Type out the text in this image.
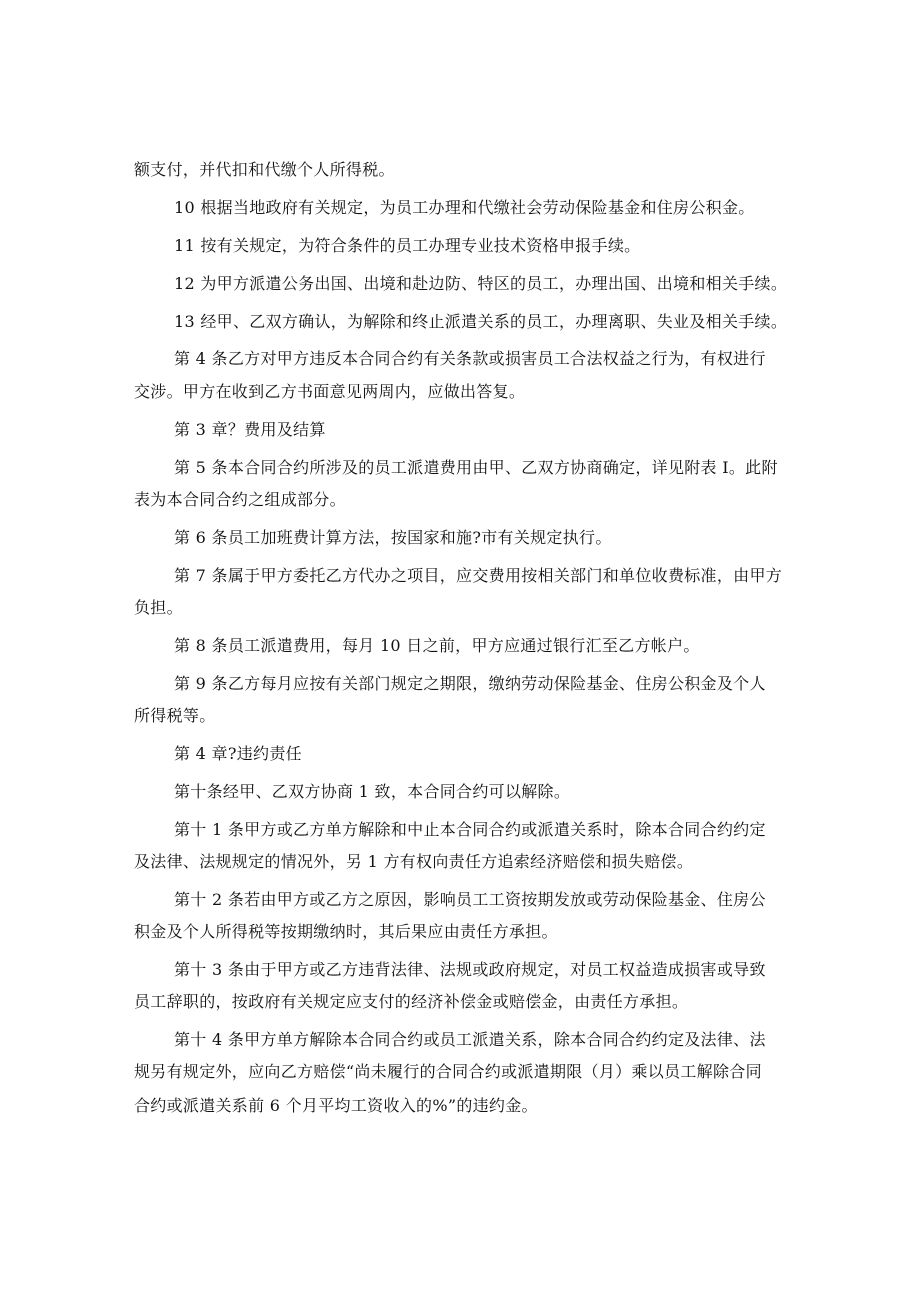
额支付，并代扣和代缴个人所得税。
10 根据当地政府有关规定，为员工办理和代缴社会劳动保险基金和住房公积金。
11 按有关规定，为符合条件的员工办理专业技术资格申报手续。
12 为甲方派遣公务出国、出境和赴边防、特区的员工，办理出国、出境和相关手续。
13 经甲、乙双方确认，为解除和终止派遣关系的员工，办理离职、失业及相关手续。
第 4 条乙方对甲方违反本合同合约有关条款或损害员工合法权益之行为，有权进行
交涉。甲方在收到乙方书面意见两周内，应做出答复。
第 3 章？费用及结算
第 5 条本合同合约所涉及的员工派遣费用由甲、乙双方协商确定，详见附表 I。此附
表为本合同合约之组成部分。
第 6 条员工加班费计算方法，按国家和施?市有关规定执行。
第 7 条属于甲方委托乙方代办之项目，应交费用按相关部门和单位收费标准，由甲方
负担。
第 8 条员工派遣费用，每月 10 日之前，甲方应通过银行汇至乙方帐户。
第 9 条乙方每月应按有关部门规定之期限，缴纳劳动保险基金、住房公积金及个人
所得税等。
第 4 章?违约责任
第十条经甲、乙双方协商 1 致，本合同合约可以解除。
第十 1 条甲方或乙方单方解除和中止本合同合约或派遣关系时，除本合同合约约定
及法律、法规规定的情况外，另 1 方有权向责任方追索经济赔偿和损失赔偿。
第十 2 条若由甲方或乙方之原因，影响员工工资按期发放或劳动保险基金、住房公
积金及个人所得税等按期缴纳时，其后果应由责任方承担。
第十 3 条由于甲方或乙方违背法律、法规或政府规定，对员工权益造成损害或导致
员工辞职的，按政府有关规定应支付的经济补偿金或赔偿金，由责任方承担。
第十 4 条甲方单方解除本合同合约或员工派遣关系，除本合同合约约定及法律、法
规另有规定外，应向乙方赔偿“尚未履行的合同合约或派遣期限（月）乘以员工解除合同
合约或派遣关系前 6 个月平均工资收入的%”的违约金。
